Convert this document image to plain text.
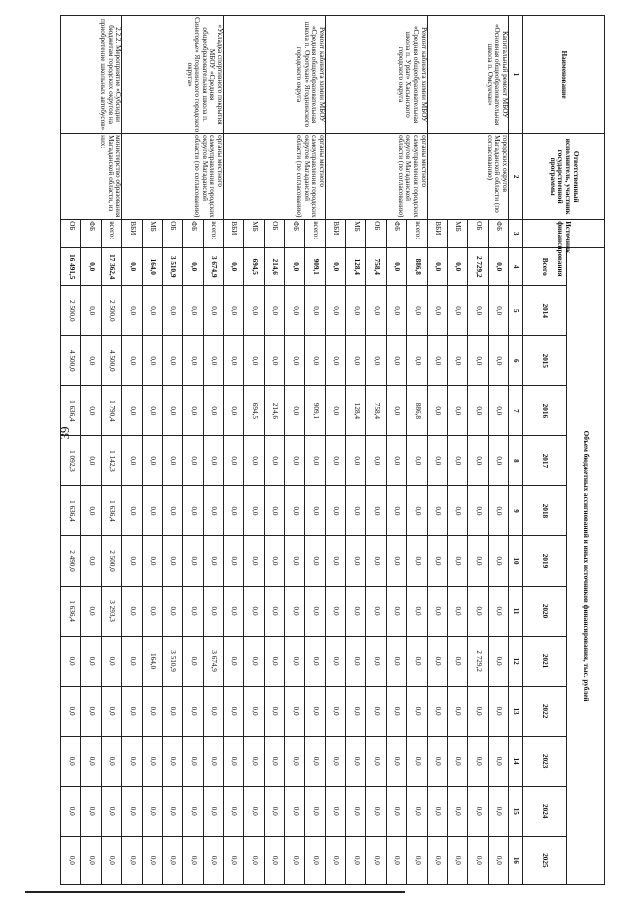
39
Наименование	Ответственный исполнитель, участник государственной программы	Источник финансирования	Объем бюджетных ассигнований и иных источников финансирования, тыс. рублей												
			Всего	2014	2015	2016	2017	2018	2019	2020	2021	2022	2023	2024	2025
1	2	3	4	5	6	7	8	9	10	11	12	13	14	15	16
Капитальный ремонт МБОУ «Основная общеобразовательная школа п. Омсукчан»	городских округов Магаданской области (по согласованию)	ФБ	0,0	0,0	0,0	0,0	0,0	0,0	0,0	0,0	0,0	0,0	0,0	0,0	0,0
		ОБ	2 729,2	0,0	0,0	0,0	0,0	0,0	0,0	0,0	2 729,2	0,0	0,0	0,0	0,0
		МБ	0,0	0,0	0,0	0,0	0,0	0,0	0,0	0,0	0,0	0,0	0,0	0,0	0,0
		ВБИ	0,0	0,0	0,0	0,0	0,0	0,0	0,0	0,0	0,0	0,0	0,0	0,0	0,0
Ремонт кабинета химии МБОУ «Средняя общеобразовательная школа п. Уptar» Хасынского городского округа	органы местного самоуправления городских округов Магаданской области (по согласованию)	всего:	886,8	0,0	0,0	886,8	0,0	0,0	0,0	0,0	0,0	0,0	0,0	0,0	0,0
		ФБ	0,0	0,0	0,0	0,0	0,0	0,0	0,0	0,0	0,0	0,0	0,0	0,0	0,0
		ОБ	758,4	0,0	0,0	758,4	0,0	0,0	0,0	0,0	0,0	0,0	0,0	0,0	0,0
		МБ	128,4	0,0	0,0	128,4	0,0	0,0	0,0	0,0	0,0	0,0	0,0	0,0	0,0
		ВБИ	0,0	0,0	0,0	0,0	0,0	0,0	0,0	0,0	0,0	0,0	0,0	0,0	0,0
Ремонт кабинета химии МБОУ «Средняя общеобразовательная школа п. Оротукан» Ягоднинского городского округа	органы местного самоуправления городских округов Магаданской области (по согласованию)	всего:	909,1	0,0	0,0	909,1	0,0	0,0	0,0	0,0	0,0	0,0	0,0	0,0	0,0
		ФБ	0,0	0,0	0,0	0,0	0,0	0,0	0,0	0,0	0,0	0,0	0,0	0,0	0,0
		ОБ	214,6	0,0	0,0	214,6	0,0	0,0	0,0	0,0	0,0	0,0	0,0	0,0	0,0
		МБ	694,5	0,0	0,0	694,5	0,0	0,0	0,0	0,0	0,0	0,0	0,0	0,0	0,0
		ВБИ	0,0	0,0	0,0	0,0	0,0	0,0	0,0	0,0	0,0	0,0	0,0	0,0	0,0
«Укладка спортивного покрытия МБОУ «Средняя общеобразовательная школа п. Синегорье» Ягоднинского городского округа»	органы местного самоуправления городских округов Магаданской области (по согласованию)	всего:	3 674,9	0,0	0,0	0,0	0,0	0,0	0,0	0,0	3 674,9	0,0	0,0	0,0	0,0
		ФБ	0,0	0,0	0,0	0,0	0,0	0,0	0,0	0,0	0,0	0,0	0,0	0,0	0,0
		ОБ	3 510,9	0,0	0,0	0,0	0,0	0,0	0,0	0,0	3 510,9	0,0	0,0	0,0	0,0
		МБ	164,0	0,0	0,0	0,0	0,0	0,0	0,0	0,0	164,0	0,0	0,0	0,0	0,0
		ВБИ	0,0	0,0	0,0	0,0	0,0	0,0	0,0	0,0	0,0	0,0	0,0	0,0	0,0
2.2.2. Мероприятие «Субсидии бюджетам городских округов на приобретение школьных автобусов»	министерство образования Магаданской области, из них:	всего:	17 362,4	2 500,0	4 500,0	1 790,4	1 142,3	1 636,4	2 500,0	3 293,3	0,0	0,0	0,0	0,0	0,0
		ФБ	0,0	0,0	0,0	0,0	0,0	0,0	0,0	0,0	0,0	0,0	0,0	0,0	0,0
		ОБ	16 491,5	2 500,0	4 500,0	1 636,4	1 092,3	1 636,4	2 490,0	1 636,4	0,0	0,0	0,0	0,0	0,0
